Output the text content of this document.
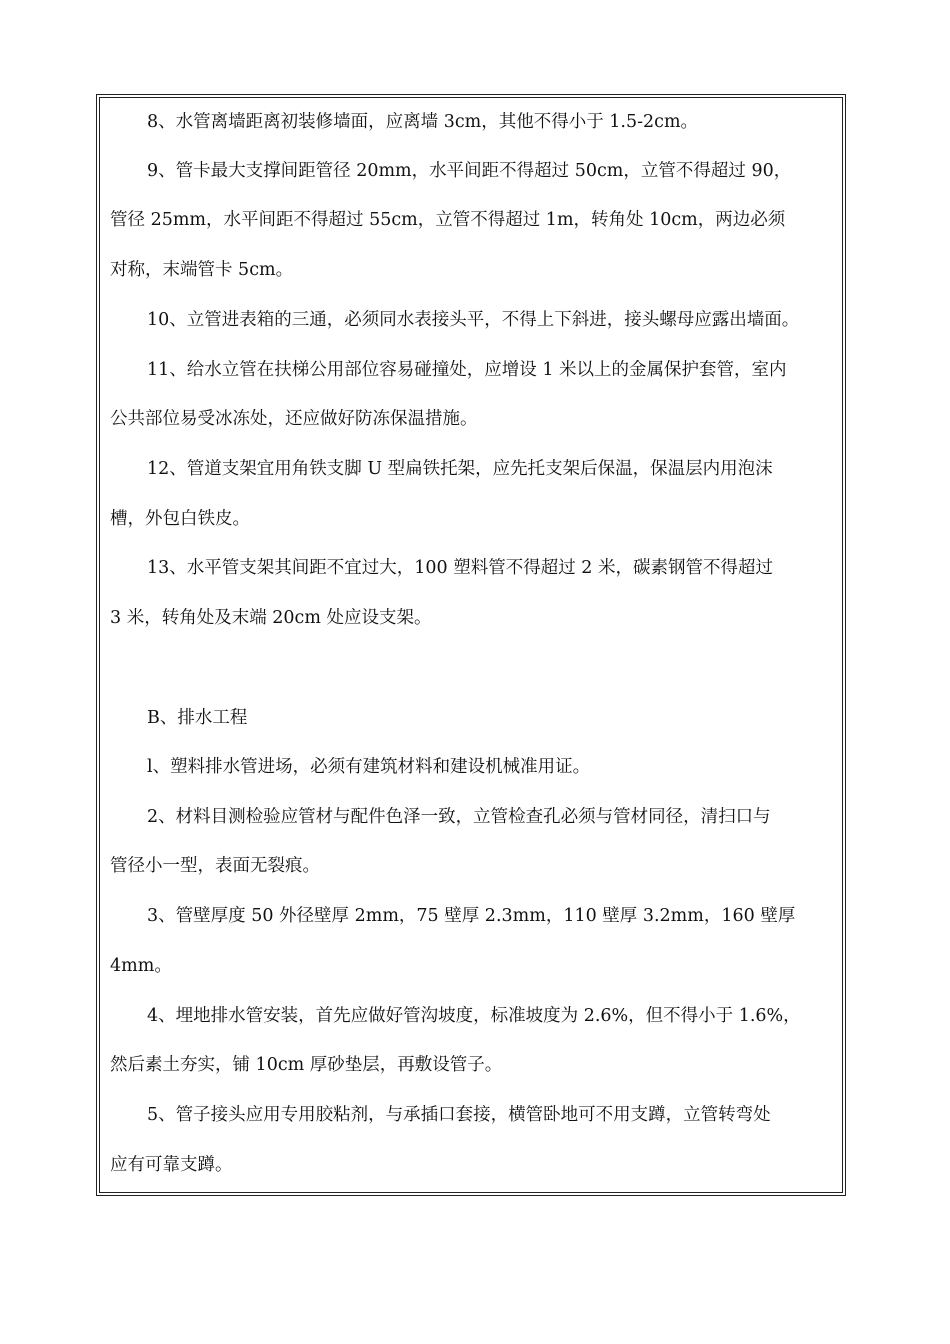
8、水管离墙距离初装修墙面，应离墙 3cm，其他不得小于 1.5-2cm。
9、管卡最大支撑间距管径 20mm，水平间距不得超过 50cm，立管不得超过 90，
管径 25mm，水平间距不得超过 55cm，立管不得超过 1m，转角处 10cm，两边必须
对称，末端管卡 5cm。
10、立管进表箱的三通，必须同水表接头平，不得上下斜进，接头螺母应露出墙面。
11、给水立管在扶梯公用部位容易碰撞处，应增设 1 米以上的金属保护套管，室内
公共部位易受冰冻处，还应做好防冻保温措施。
12、管道支架宜用角铁支脚 U 型扁铁托架，应先托支架后保温，保温层内用泡沫
槽，外包白铁皮。
13、水平管支架其间距不宜过大，100 塑料管不得超过 2 米，碳素钢管不得超过
3 米，转角处及末端 20cm 处应设支架。
B、排水工程
l、塑料排水管进场，必须有建筑材料和建设机械准用证。
2、材料目测检验应管材与配件色泽一致，立管检查孔必须与管材同径，清扫口与
管径小一型，表面无裂痕。
3、管壁厚度 50 外径壁厚 2mm，75 壁厚 2.3mm，110 壁厚 3.2mm，160 壁厚
4mm。
4、埋地排水管安装，首先应做好管沟坡度，标准坡度为 2.6%，但不得小于 1.6%，
然后素土夯实，铺 10cm 厚砂垫层，再敷设管子。
5、管子接头应用专用胶粘剂，与承插口套接，横管卧地可不用支蹲，立管转弯处
应有可靠支蹲。
